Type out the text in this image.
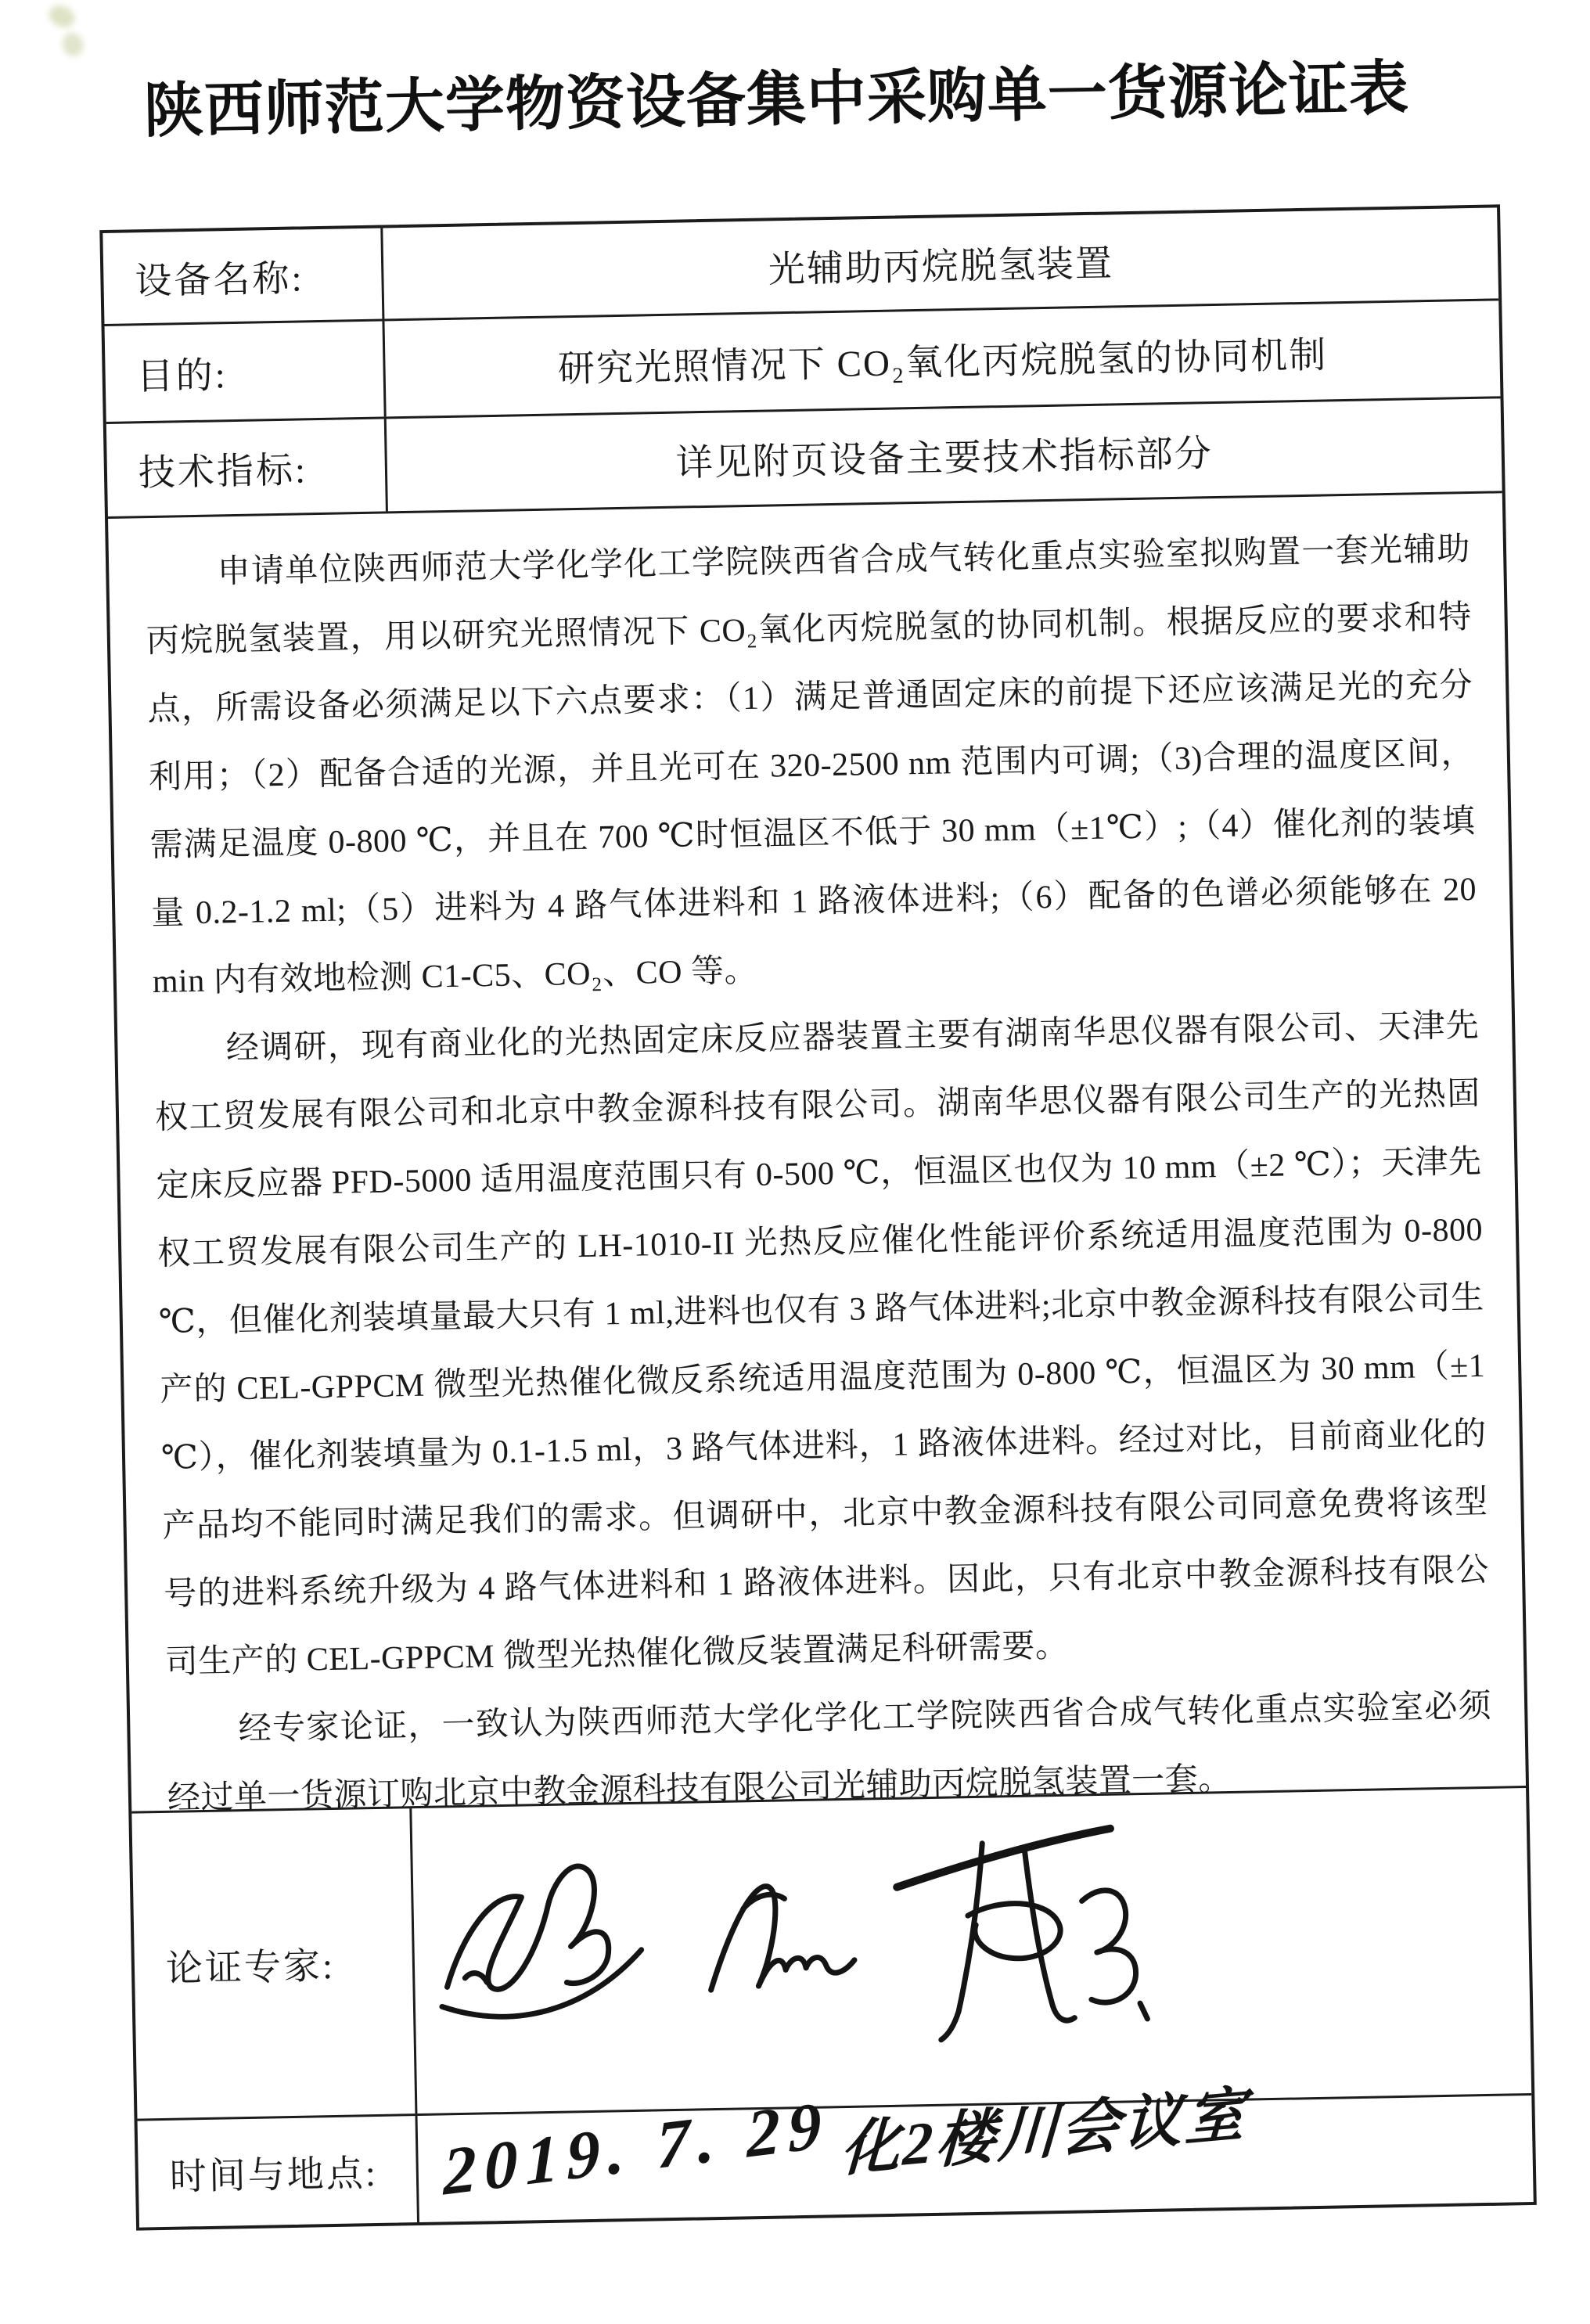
陕西师范大学物资设备集中采购单一货源论证表
设备名称:	光辅助丙烷脱氢装置
目的:	研究光照情况下 CO₂氧化丙烷脱氢的协同机制
技术指标:	详见附页设备主要技术指标部分

申请单位陕西师范大学化学化工学院陕西省合成气转化重点实验室拟购置一套光辅助丙烷脱氢装置，用以研究光照情况下 CO₂氧化丙烷脱氢的协同机制。根据反应的要求和特点，所需设备必须满足以下六点要求：（1）满足普通固定床的前提下还应该满足光的充分利用；（2）配备合适的光源，并且光可在 320-2500 nm 范围内可调;（3)合理的温度区间，需满足温度 0-800 ℃，并且在 700 ℃时恒温区不低于 30 mm（±1℃）;（4）催化剂的装填量 0.2-1.2 ml;（5）进料为 4 路气体进料和 1 路液体进料;（6）配备的色谱必须能够在 20 min 内有效地检测 C1-C5、CO₂、CO 等。

经调研，现有商业化的光热固定床反应器装置主要有湖南华思仪器有限公司、天津先权工贸发展有限公司和北京中教金源科技有限公司。湖南华思仪器有限公司生产的光热固定床反应器 PFD-5000 适用温度范围只有 0-500 ℃，恒温区也仅为 10 mm（±2 ℃）；天津先权工贸发展有限公司生产的 LH-1010-II 光热反应催化性能评价系统适用温度范围为 0-800 ℃，但催化剂装填量最大只有 1 ml,进料也仅有 3 路气体进料;北京中教金源科技有限公司生产的 CEL-GPPCM 微型光热催化微反系统适用温度范围为 0-800 ℃，恒温区为 30 mm（±1 ℃），催化剂装填量为 0.1-1.5 ml，3 路气体进料，1 路液体进料。经过对比，目前商业化的产品均不能同时满足我们的需求。但调研中，北京中教金源科技有限公司同意免费将该型号的进料系统升级为 4 路气体进料和 1 路液体进料。因此，只有北京中教金源科技有限公司生产的 CEL-GPPCM 微型光热催化微反装置满足科研需要。

经专家论证，一致认为陕西师范大学化学化工学院陕西省合成气转化重点实验室必须经过单一货源订购北京中教金源科技有限公司光辅助丙烷脱氢装置一套。

论证专家:
时间与地点: 2019. 7. 29 化2楼川会议室
